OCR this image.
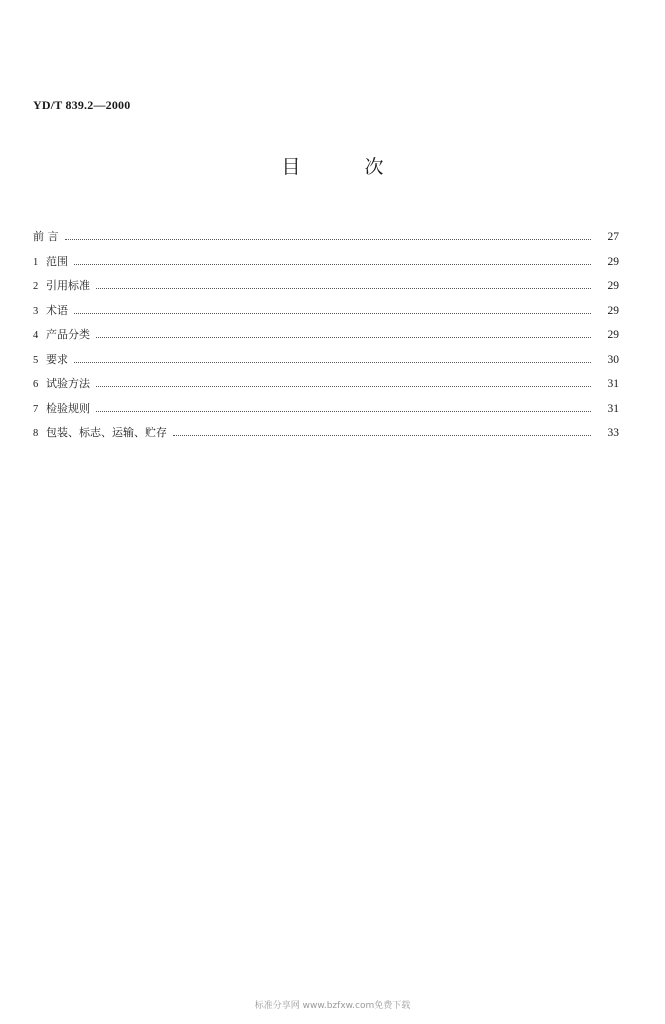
YD/T 839.2—2000
目	次
前 言	27
1 范围	29
2 引用标准	29
3 术语	29
4 产品分类	29
5 要求	30
6 试验方法	31
7 检验规则	31
8 包装、标志、运输、贮存	33
标准分享网 www.bzfxw.com免费下载
